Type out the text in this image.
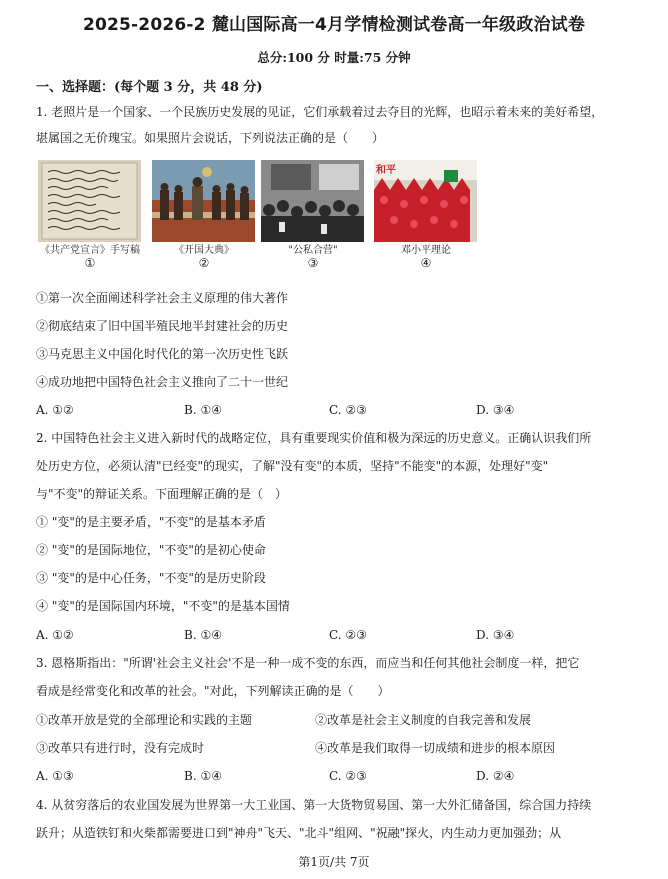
2025-2026-2 麓山国际高一4月学情检测试卷高一年级政治试卷
总分:100 分 时量:75 分钟
一、选择题：(每个题 3 分，共 48 分)
1. 老照片是一个国家、一个民族历史发展的见证，它们承载着过去夺目的光辉，也昭示着未来的美好希望，
堪属国之无价瑰宝。如果照片会说话，下列说法正确的是（　　）
《共产党宣言》手写稿
①
《开国大典》
②
"公私合营"
③
和平
邓小平理论
④
①第一次全面阐述科学社会主义原理的伟大著作
②彻底结束了旧中国半殖民地半封建社会的历史
③马克思主义中国化时代化的第一次历史性飞跃
④成功地把中国特色社会主义推向了二十一世纪
A. ①②	B. ①④	C. ②③	D. ③④
2. 中国特色社会主义进入新时代的战略定位，具有重要现实价值和极为深远的历史意义。正确认识我们所
处历史方位，必须认清"已经变"的现实，了解"没有变"的本质，坚持"不能变"的本源，处理好"变"
与"不变"的辩证关系。下面理解正确的是（　）
① "变"的是主要矛盾，"不变"的是基本矛盾
② "变"的是国际地位，"不变"的是初心使命
③ "变"的是中心任务，"不变"的是历史阶段
④ "变"的是国际国内环境，"不变"的是基本国情
A. ①②	B. ①④	C. ②③	D. ③④
3. 恩格斯指出："所谓'社会主义社会'不是一种一成不变的东西，而应当和任何其他社会制度一样，把它
看成是经常变化和改革的社会。"对此，下列解读正确的是（　　）
①改革开放是党的全部理论和实践的主题	②改革是社会主义制度的自我完善和发展
③改革只有进行时，没有完成时	④改革是我们取得一切成绩和进步的根本原因
A. ①③	B. ①④	C. ②③	D. ②④
4. 从贫穷落后的农业国发展为世界第一大工业国、第一大货物贸易国、第一大外汇储备国，综合国力持续
跃升；从造铁钉和火柴都需要进口到"神舟"飞天、"北斗"组网、"祝融"探火，内生动力更加强劲；从
第1页/共 7页
